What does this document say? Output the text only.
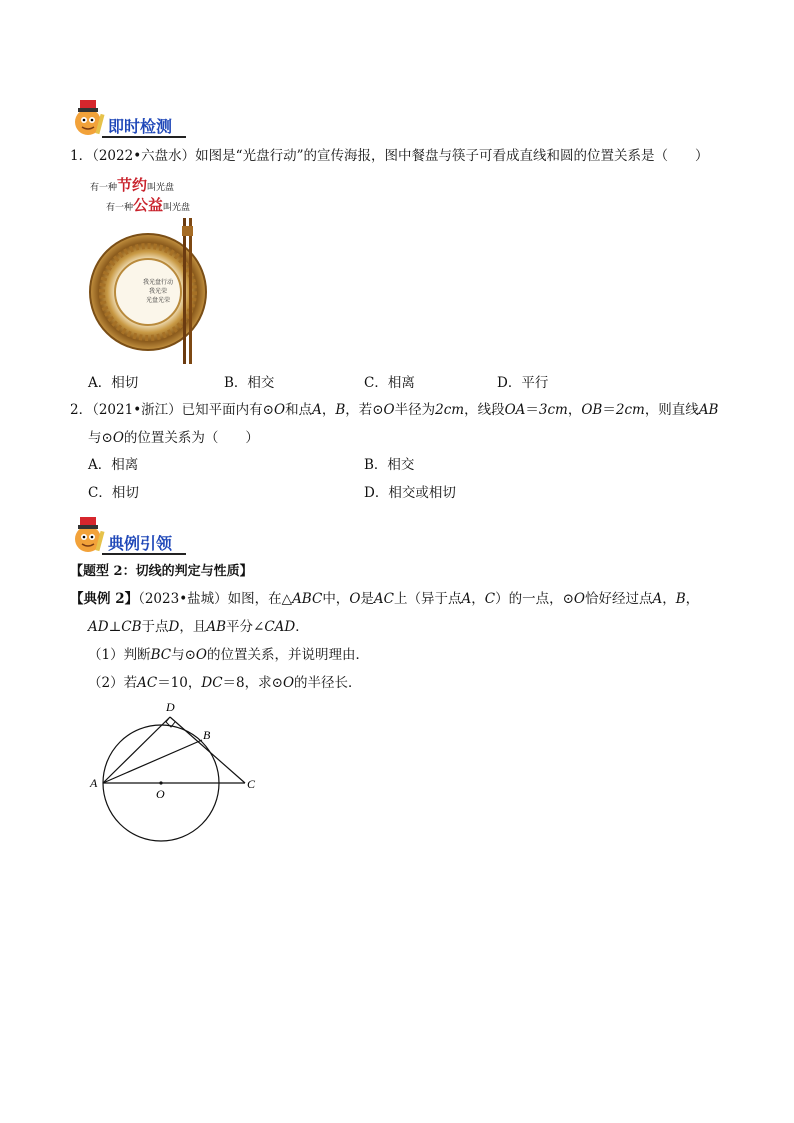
即时检测
1．（2022•六盘水）如图是“光盘行动”的宣传海报，图中餐盘与筷子可看成直线和圆的位置关系是（　　）
有一种节约叫光盘
有一种公益叫光盘
我光盘行动
我光荣
光盘光荣
A．相切	B．相交	C．相离	D．平行
2．（2021•浙江）已知平面内有⊙O和点A，B，若⊙O半径为2cm，线段OA＝3cm，OB＝2cm，则直线AB
与⊙O的位置关系为（　　）
A．相离	B．相交
C．相切	D．相交或相切
典例引领
【题型 2：切线的判定与性质】
【典例 2】（2023•盐城）如图，在△ABC中，O是AC上（异于点A，C）的一点，⊙O恰好经过点A，B，
AD⊥CB于点D，且AB平分∠CAD．
（1）判断BC与⊙O的位置关系，并说明理由．
（2）若AC＝10，DC＝8，求⊙O的半径长．
D
B
A
O
C
